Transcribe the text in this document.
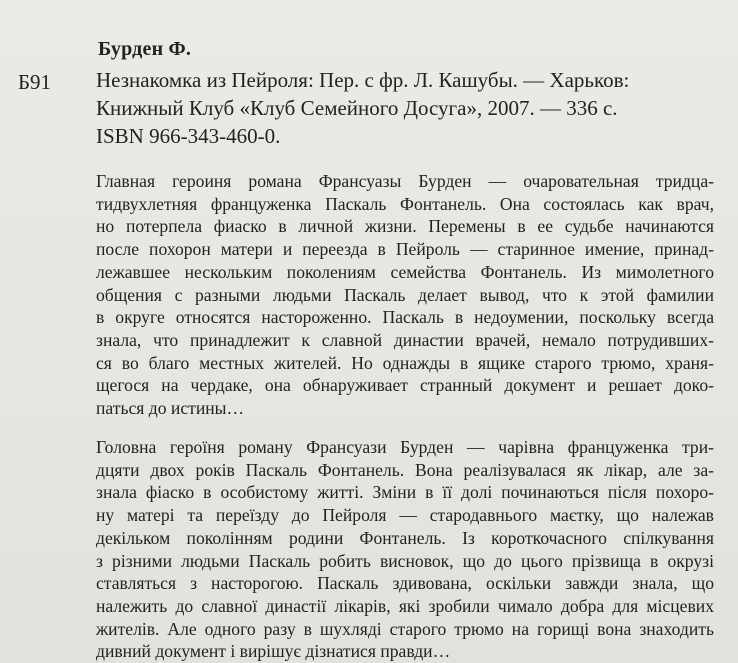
Бурден Ф.
Б91 Незнакомка из Пейроля: Пер. с фр. Л. Кашубы. — Харьков:
Книжный Клуб «Клуб Семейного Досуга», 2007. — 336 с.
ISBN 966-343-460-0.
Главная героиня романа Франсуазы Бурден — очаровательная тридца-
тидвухлетняя француженка Паскаль Фонтанель. Она состоялась как врач,
но потерпела фиаско в личной жизни. Перемены в ее судьбе начинаются
после похорон матери и переезда в Пейроль — старинное имение, принад-
лежавшее нескольким поколениям семейства Фонтанель. Из мимолетного
общения с разными людьми Паскаль делает вывод, что к этой фамилии
в округе относятся настороженно. Паскаль в недоумении, поскольку всегда
знала, что принадлежит к славной династии врачей, немало потрудивших-
ся во благо местных жителей. Но однажды в ящике старого трюмо, храня-
щегося на чердаке, она обнаруживает странный документ и решает доко-
паться до истины…
Головна героїня роману Франсуази Бурден — чарівна француженка три-
дцяти двох років Паскаль Фонтанель. Вона реалізувалася як лікар, але за-
знала фіаско в особистому житті. Зміни в її долі починаються після похоро-
ну матері та переїзду до Пейроля — стародавнього маєтку, що належав
декільком поколінням родини Фонтанель. Із короткочасного спілкування
з різними людьми Паскаль робить висновок, що до цього прізвища в окрузі
ставляться з насторогою. Паскаль здивована, оскільки завжди знала, що
належить до славної династії лікарів, які зробили чимало добра для місцевих
жителів. Але одного разу в шухляді старого трюмо на горищі вона знаходить
дивний документ і вирішує дізнатися правди…
